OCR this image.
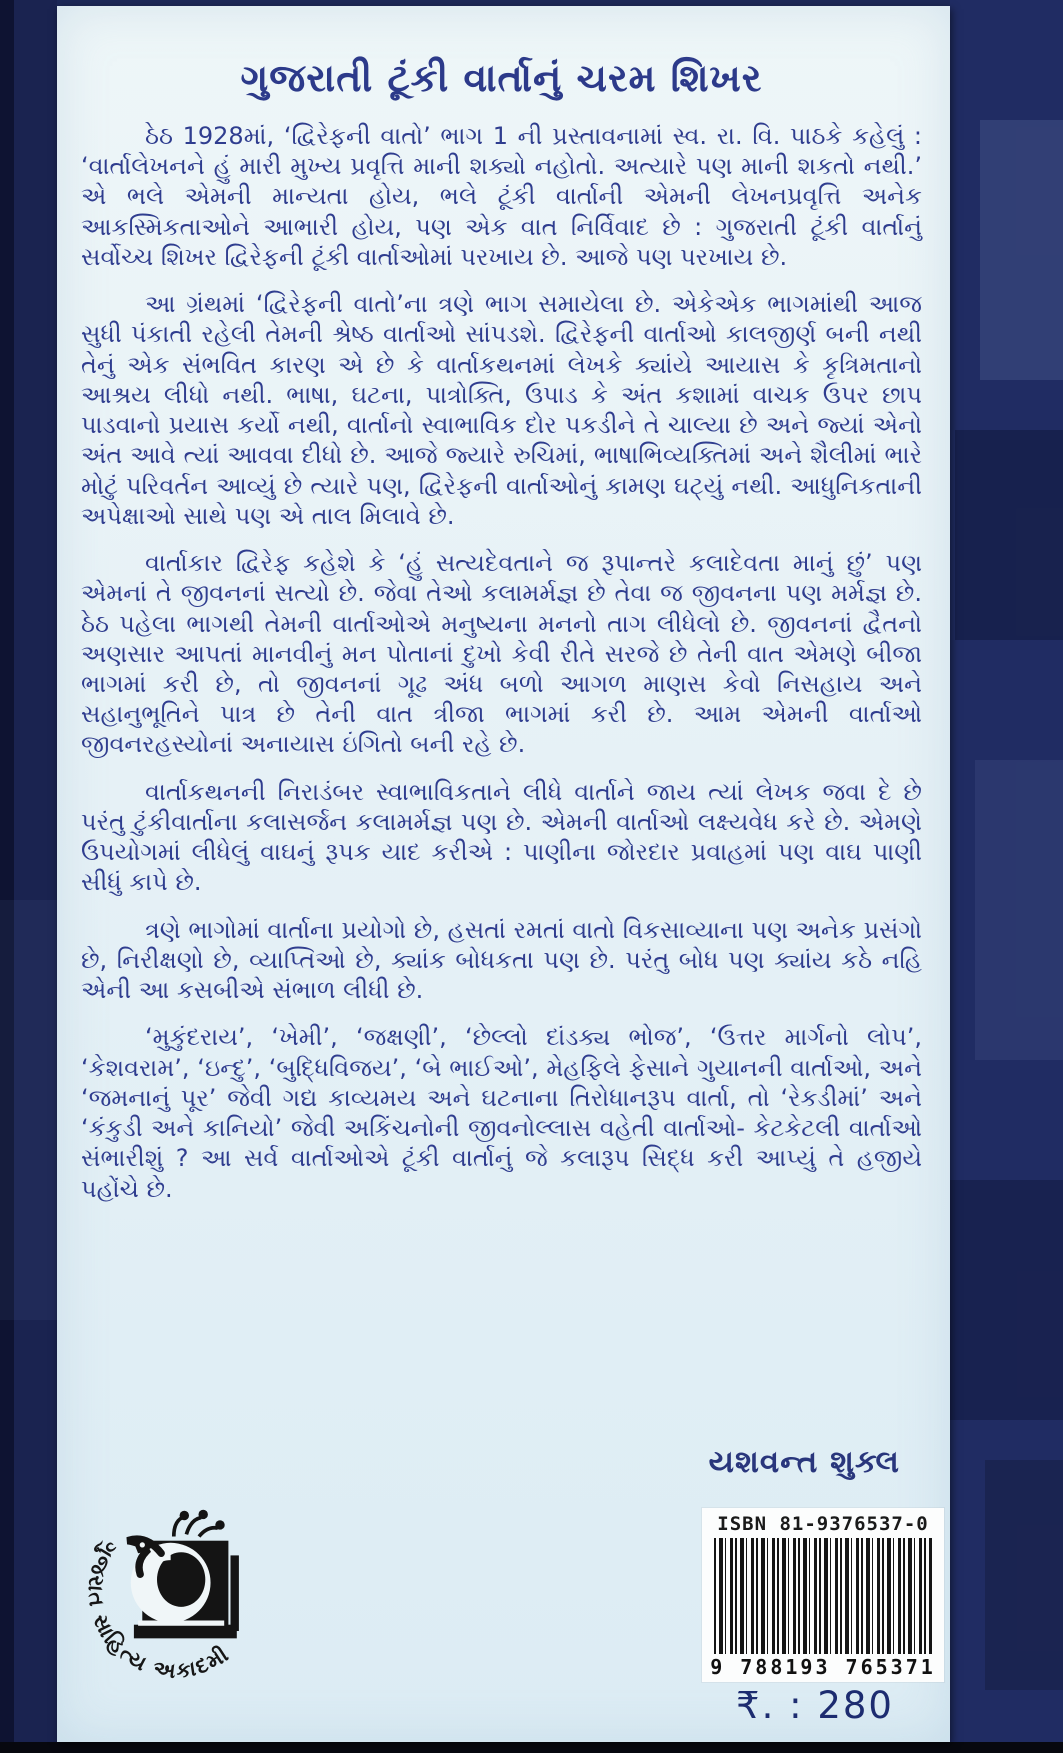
ગુજરાતી ટૂંકી વાર્તાનું ચરમ શિખર

ઠેઠ 1928માં, ‘દ્વિરેફની વાતો’ ભાગ 1 ની પ્રસ્તાવનામાં સ્વ. રા. વિ. પાઠકે કહેલું : ‘વાર્તાલેખનને હું મારી મુખ્ય પ્રવૃત્તિ માની શક્યો નહોતો. અત્યારે પણ માની શકતો નથી.’ એ ભલે એમની માન્યતા હોય, ભલે ટૂંકી વાર્તાની એમની લેખનપ્રવૃત્તિ અનેક આકસ્મિકતાઓને આભારી હોય, પણ એક વાત નિર્વિવાદ છે : ગુજરાતી ટૂંકી વાર્તાનું સર્વોચ્ચ શિખર દ્વિરેફની ટૂંકી વાર્તાઓમાં પરખાય છે. આજે પણ પરખાય છે.

આ ગ્રંથમાં ‘દ્વિરેફની વાતો’ના ત્રણે ભાગ સમાયેલા છે. એકેએક ભાગમાંથી આજ સુધી પંકાતી રહેલી તેમની શ્રેષ્ઠ વાર્તાઓ સાંપડશે. દ્વિરેફની વાર્તાઓ કાલજીર્ણ બની નથી તેનું એક સંભવિત કારણ એ છે કે વાર્તાકથનમાં લેખકે ક્યાંયે આયાસ કે કૃત્રિમતાનો આશ્રય લીધો નથી. ભાષા, ઘટના, પાત્રોક્તિ, ઉપાડ કે અંત કશામાં વાચક ઉપર છાપ પાડવાનો પ્રયાસ કર્યો નથી, વાર્તાનો સ્વાભાવિક દોર પકડીને તે ચાલ્યા છે અને જ્યાં એનો અંત આવે ત્યાં આવવા દીધો છે. આજે જ્યારે રુચિમાં, ભાષાભિવ્યક્તિમાં અને શૈલીમાં ભારે મોટું પરિવર્તન આવ્યું છે ત્યારે પણ, દ્વિરેફની વાર્તાઓનું કામણ ઘટ્યું નથી. આધુનિકતાની અપેક્ષાઓ સાથે પણ એ તાલ મિલાવે છે.

વાર્તાકાર દ્વિરેફ કહેશે કે ‘હું સત્યદેવતાને જ રૂપાન્તરે કલાદેવતા માનું છું’ પણ એમનાં તે જીવનનાં સત્યો છે. જેવા તેઓ કલામર્મજ્ઞ છે તેવા જ જીવનના પણ મર્મજ્ઞ છે. ઠેઠ પહેલા ભાગથી તેમની વાર્તાઓએ મનુષ્યના મનનો તાગ લીધેલો છે. જીવનનાં દ્વૈતનો અણસાર આપતાં માનવીનું મન પોતાનાં દુખો કેવી રીતે સરજે છે તેની વાત એમણે બીજા ભાગમાં કરી છે, તો જીવનનાં ગૂઢ અંધ બળો આગળ માણસ કેવો નિસહાય અને સહાનુભૂતિને પાત્ર છે તેની વાત ત્રીજા ભાગમાં કરી છે. આમ એમની વાર્તાઓ જીવનરહસ્યોનાં અનાયાસ ઇંગિતો બની રહે છે.

વાર્તાકથનની નિરાડંબર સ્વાભાવિકતાને લીધે વાર્તાને જાય ત્યાં લેખક જવા દે છે પરંતુ ટુંકીવાર્તાના કલાસર્જન કલામર્મજ્ઞ પણ છે. એમની વાર્તાઓ લક્ષ્યવેધ કરે છે. એમણે ઉપયોગમાં લીધેલું વાઘનું રૂપક યાદ કરીએ : પાણીના જોરદાર પ્રવાહમાં પણ વાઘ પાણી સીધું કાપે છે.

ત્રણે ભાગોમાં વાર્તાના પ્રયોગો છે, હસતાં રમતાં વાતો વિકસાવ્યાના પણ અનેક પ્રસંગો છે, નિરીક્ષણો છે, વ્યાપ્તિઓ છે, ક્યાંક બોધકતા પણ છે. પરંતુ બોધ પણ ક્યાંય કઠે નહિ એની આ કસબીએ સંભાળ લીધી છે.

‘મુકુંદરાય’, ‘ખેમી’, ‘જક્ષણી’, ‘છેલ્લો દાંડક્ય ભોજ’, ‘ઉત્તર માર્ગનો લોપ’, ‘કેશવરામ’, ‘ઇન્દુ’, ‘બુદ્ધિવિજય’, ‘બે ભાઈઓ’, મેહફિલે ફેસાને ગુયાનની વાર્તાઓ, અને ‘જમનાનું પૂર’ જેવી ગદ્ય કાવ્યમય અને ઘટનાના તિરોધાનરૂપ વાર્તા, તો ‘રેકડીમાં’ અને ‘કંકુડી અને કાનિયો’ જેવી અકિંચનોની જીવનોલ્લાસ વહેતી વાર્તાઓ- કેટકેટલી વાર્તાઓ સંભારીશું ? આ સર્વ વાર્તાઓએ ટૂંકી વાર્તાનું જે કલારૂપ સિદ્ધ કરી આપ્યું તે હજીયે પહોંચે છે.

યશવન્ત શુક્લ
ગુજરાત સાહિત્ય અકાદમી
ISBN 81-9376537-0
9 788193 765371
₹. : 280
